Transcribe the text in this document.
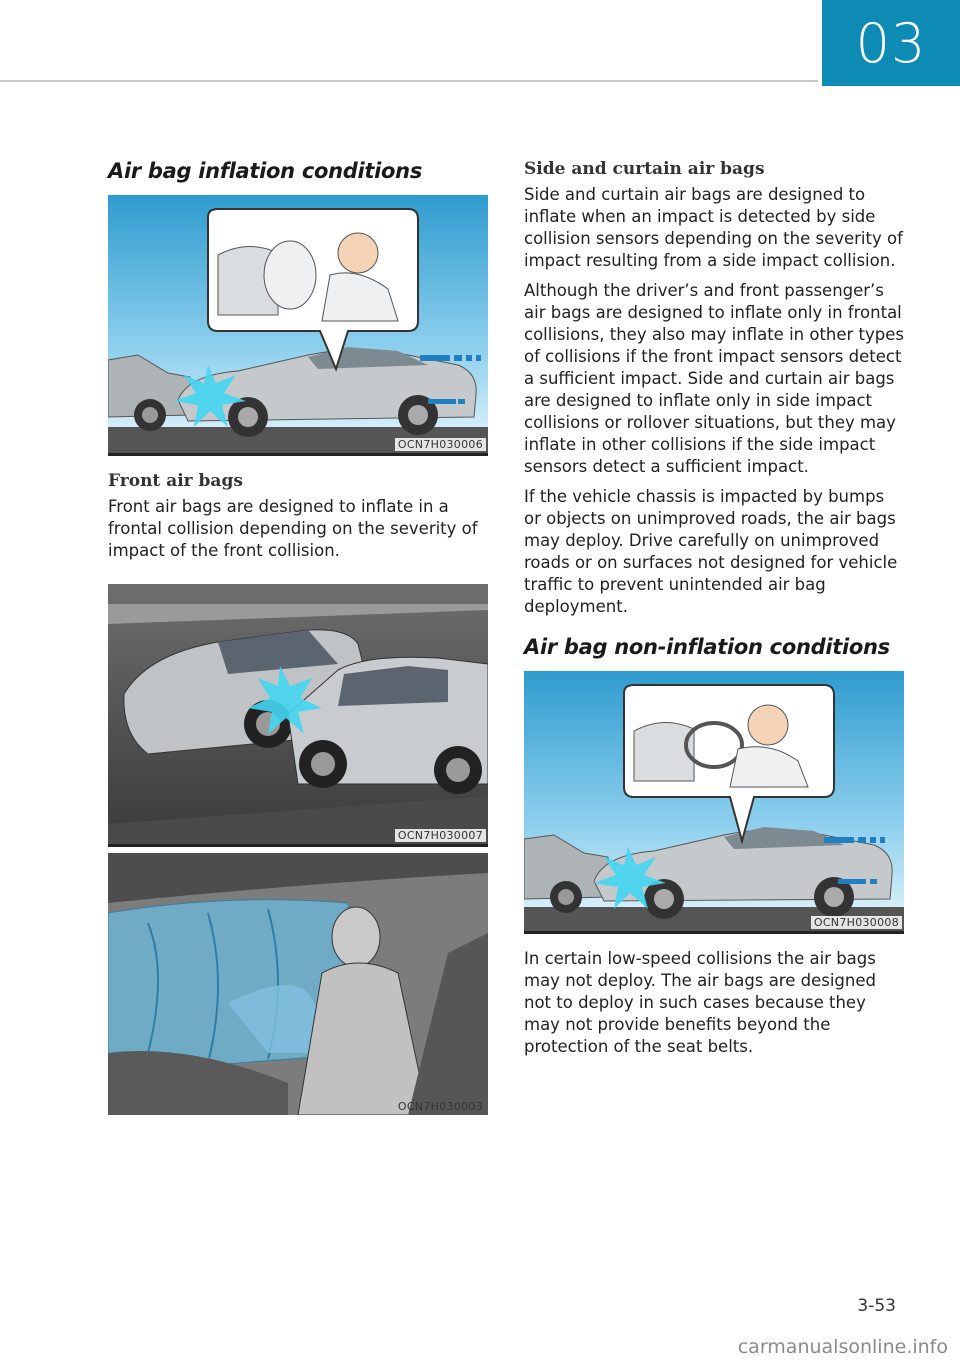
03
Air bag inflation conditions
OCN7H030006
Front air bags

Front air bags are designed to inflate in a frontal collision depending on the severity of impact of the front collision.

OCN7H030007
OCN7H030003
Side and curtain air bags

Side and curtain air bags are designed to inflate when an impact is detected by side collision sensors depending on the severity of impact resulting from a side impact collision.

Although the driver’s and front passenger’s air bags are designed to inflate only in frontal collisions, they also may inflate in other types of collisions if the front impact sensors detect a sufficient impact. Side and curtain air bags are designed to inflate only in side impact collisions or rollover situations, but they may inflate in other collisions if the side impact sensors detect a sufficient impact.

If the vehicle chassis is impacted by bumps or objects on unimproved roads, the air bags may deploy. Drive carefully on unimproved roads or on surfaces not designed for vehicle traffic to prevent unintended air bag deployment.

Air bag non-inflation conditions
OCN7H030008

In certain low-speed collisions the air bags may not deploy. The air bags are designed not to deploy in such cases because they may not provide benefits beyond the protection of the seat belts.

3-53
carmanualsonline.info
